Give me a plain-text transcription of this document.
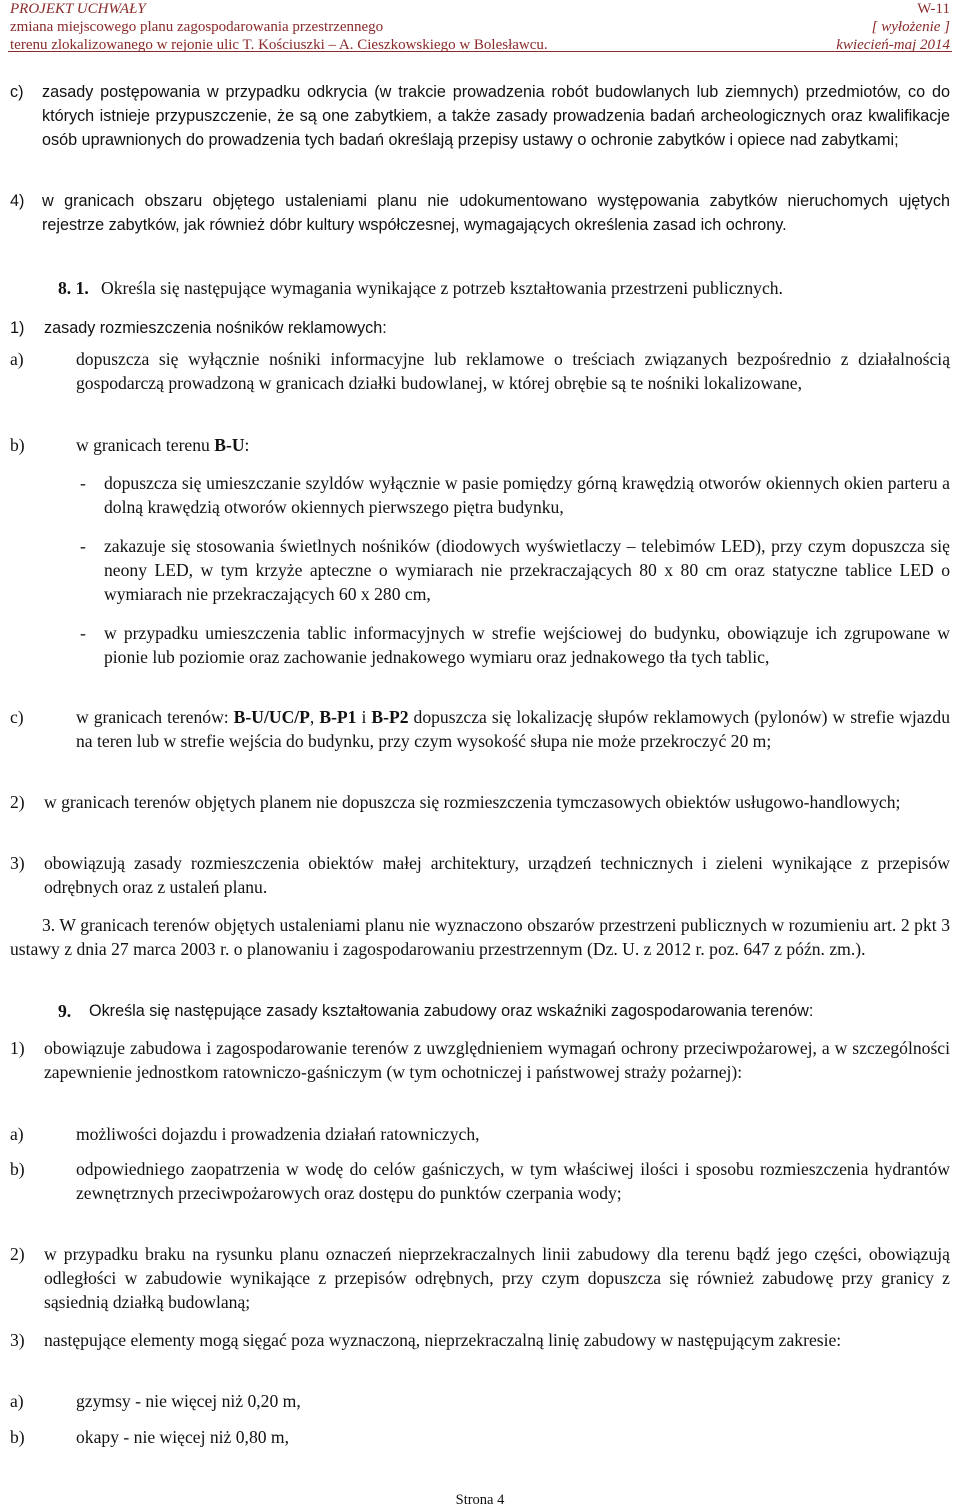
PROJEKT UCHWAŁY
zmiana miejscowego planu zagospodarowania przestrzennego
terenu zlokalizowanego w rejonie ulic T. Kościuszki – A. Cieszkowskiego w Bolesławcu.
W-11
[ wyłożenie ]
kwiecień-maj 2014
c) zasady postępowania w przypadku odkrycia (w trakcie prowadzenia robót budowlanych lub ziemnych) przedmiotów, co do których istnieje przypuszczenie, że są one zabytkiem, a także zasady prowadzenia badań archeologicznych oraz kwalifikacje osób uprawnionych do prowadzenia tych badań określają przepisy ustawy o ochronie zabytków i opiece nad zabytkami;
4) w granicach obszaru objętego ustaleniami planu nie udokumentowano występowania zabytków nieruchomych ujętych rejestrze zabytków, jak również dóbr kultury współczesnej, wymagających określenia zasad ich ochrony.
8. 1. Określa się następujące wymagania wynikające z potrzeb kształtowania przestrzeni publicznych.
1) zasady rozmieszczenia nośników reklamowych:
a)	dopuszcza się wyłącznie nośniki informacyjne lub reklamowe o treściach związanych bezpośrednio z działalnością gospodarczą prowadzoną w granicach działki budowlanej, w której obrębie są te nośniki lokalizowane,
b)	w granicach terenu B-U:
- dopuszcza się umieszczanie szyldów wyłącznie w pasie pomiędzy górną krawędzią otworów okiennych okien parteru a dolną krawędzią otworów okiennych pierwszego piętra budynku,
- zakazuje się stosowania świetlnych nośników (diodowych wyświetlaczy – telebimów LED), przy czym dopuszcza się neony LED, w tym krzyże apteczne o wymiarach nie przekraczających 80 x 80 cm oraz statyczne tablice LED o wymiarach nie przekraczających 60 x 280 cm,
- w przypadku umieszczenia tablic informacyjnych w strefie wejściowej do budynku, obowiązuje ich zgrupowane w pionie lub poziomie oraz zachowanie jednakowego wymiaru oraz jednakowego tła tych tablic,
c)	w granicach terenów: B-U/UC/P, B-P1 i B-P2 dopuszcza się lokalizację słupów reklamowych (pylonów) w strefie wjazdu na teren lub w strefie wejścia do budynku, przy czym wysokość słupa nie może przekroczyć 20 m;
2) w granicach terenów objętych planem nie dopuszcza się rozmieszczenia tymczasowych obiektów usługowo-handlowych;
3) obowiązują zasady rozmieszczenia obiektów małej architektury, urządzeń technicznych i zieleni wynikające z przepisów odrębnych oraz z ustaleń planu.
3. W granicach terenów objętych ustaleniami planu nie wyznaczono obszarów przestrzeni publicznych w rozumieniu art. 2 pkt 3 ustawy z dnia 27 marca 2003 r. o planowaniu i zagospodarowaniu przestrzennym (Dz. U. z 2012 r. poz. 647 z późn. zm.).
9. Określa się następujące zasady kształtowania zabudowy oraz wskaźniki zagospodarowania terenów:
1) obowiązuje zabudowa i zagospodarowanie terenów z uwzględnieniem wymagań ochrony przeciwpożarowej, a w szczególności zapewnienie jednostkom ratowniczo-gaśniczym (w tym ochotniczej i państwowej straży pożarnej):
a)	możliwości dojazdu i prowadzenia działań ratowniczych,
b)	odpowiedniego zaopatrzenia w wodę do celów gaśniczych, w tym właściwej ilości i sposobu rozmieszczenia hydrantów zewnętrznych przeciwpożarowych oraz dostępu do punktów czerpania wody;
2) w przypadku braku na rysunku planu oznaczeń nieprzekraczalnych linii zabudowy dla terenu bądź jego części, obowiązują odległości w zabudowie wynikające z przepisów odrębnych, przy czym dopuszcza się również zabudowę przy granicy z sąsiednią działką budowlaną;
3) następujące elementy mogą sięgać poza wyznaczoną, nieprzekraczalną linię zabudowy w następującym zakresie:
a)	gzymsy - nie więcej niż 0,20 m,
b)	okapy - nie więcej niż 0,80 m,
Strona 4
